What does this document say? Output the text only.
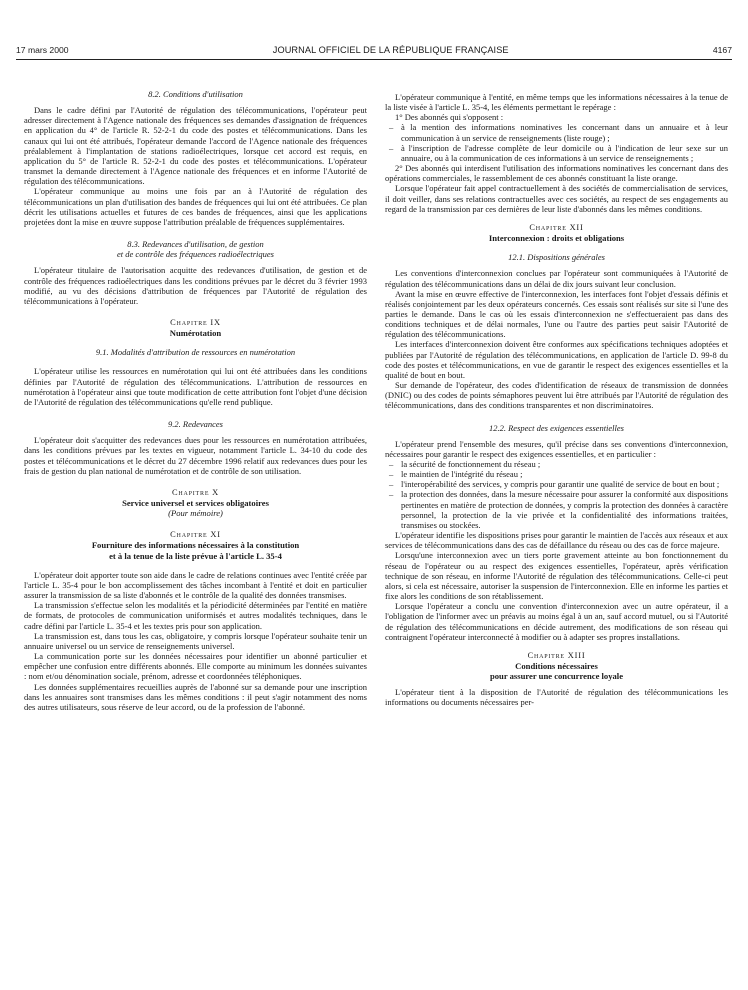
17 mars 2000	JOURNAL OFFICIEL DE LA RÉPUBLIQUE FRANÇAISE	4167
8.2. Conditions d'utilisation

Dans le cadre défini par l'Autorité de régulation des télécommunications, l'opérateur peut adresser directement à l'Agence nationale des fréquences ses demandes d'assignation de fréquences en application du 4° de l'article R. 52-2-1 du code des postes et télécommunications. Dans les canaux qui lui ont été attribués, l'opérateur demande l'accord de l'Agence nationale des fréquences préalablement à l'implantation de stations radioélectriques, lorsque cet accord est requis, en application du 5° de l'article R. 52-2-1 du code des postes et télécommunications. L'opérateur transmet la demande directement à l'Agence nationale des fréquences et en informe l'Autorité de régulation des télécommunications.

L'opérateur communique au moins une fois par an à l'Autorité de régulation des télécommunications un plan d'utilisation des bandes de fréquences qui lui ont été attribuées. Ce plan décrit les utilisations actuelles et futures de ces bandes de fréquences, ainsi que les applications projetées dont la mise en œuvre suppose l'attribution préalable de fréquences supplémentaires.

8.3. Redevances d'utilisation, de gestion
et de contrôle des fréquences radioélectriques

L'opérateur titulaire de l'autorisation acquitte des redevances d'utilisation, de gestion et de contrôle des fréquences radioélectriques dans les conditions prévues par le décret du 3 février 1993 modifié, au vu des décisions d'attribution de fréquences par l'Autorité de régulation des télécommunications à l'opérateur.

Chapitre IX
Numérotation
9.1. Modalités d'attribution de ressources en numérotation

L'opérateur utilise les ressources en numérotation qui lui ont été attribuées dans les conditions définies par l'Autorité de régulation des télécommunications. L'attribution de ressources en numérotation à l'opérateur ainsi que toute modification de cette attribution font l'objet d'une décision de l'Autorité de régulation des télécommunications qu'elle rend publique.

9.2. Redevances

L'opérateur doit s'acquitter des redevances dues pour les ressources en numérotation attribuées, dans les conditions prévues par les textes en vigueur, notamment l'article L. 34-10 du code des postes et télécommunications et le décret du 27 décembre 1996 relatif aux redevances dues pour les frais de gestion du plan national de numérotation et de contrôle de son utilisation.

Chapitre X
Service universel et services obligatoires
(Pour mémoire)
Chapitre XI
Fourniture des informations nécessaires à la constitution
et à la tenue de la liste prévue à l'article L. 35-4

L'opérateur doit apporter toute son aide dans le cadre de relations continues avec l'entité créée par l'article L. 35-4 pour le bon accomplissement des tâches incombant à l'entité et doit en particulier assurer la transmission de sa liste d'abonnés et le contrôle de la qualité des données transmises.

La transmission s'effectue selon les modalités et la périodicité déterminées par l'entité en matière de formats, de protocoles de communication uniformisés et autres modalités techniques, dans le cadre défini par l'article L. 35-4 et les textes pris pour son application.

La transmission est, dans tous les cas, obligatoire, y compris lorsque l'opérateur souhaite tenir un annuaire universel ou un service de renseignements universel.

La communication porte sur les données nécessaires pour identifier un abonné particulier et empêcher une confusion entre différents abonnés. Elle comporte au minimum les données suivantes : nom et/ou dénomination sociale, prénom, adresse et coordonnées téléphoniques.

Les données supplémentaires recueillies auprès de l'abonné sur sa demande pour une inscription dans les annuaires sont transmises dans les mêmes conditions : il peut s'agir notamment des noms des autres utilisateurs, sous réserve de leur accord, ou de la profession de l'abonné.

L'opérateur communique à l'entité, en même temps que les informations nécessaires à la tenue de la liste visée à l'article L. 35-4, les éléments permettant le repérage :

1° Des abonnés qui s'opposent :

– à la mention des informations nominatives les concernant dans un annuaire et à leur communication à un service de renseignements (liste rouge) ;
– à l'inscription de l'adresse complète de leur domicile ou à l'indication de leur sexe sur un annuaire, ou à la communication de ces informations à un service de renseignements ;

2° Des abonnés qui interdisent l'utilisation des informations nominatives les concernant dans des opérations commerciales, le rassemblement de ces abonnés constituant la liste orange.

Lorsque l'opérateur fait appel contractuellement à des sociétés de commercialisation de services, il doit veiller, dans ses relations contractuelles avec ces sociétés, au respect de ses engagements au regard de la transmission par ces dernières de leur liste d'abonnés dans les mêmes conditions.

Chapitre XII
Interconnexion : droits et obligations
12.1. Dispositions générales

Les conventions d'interconnexion conclues par l'opérateur sont communiquées à l'Autorité de régulation des télécommunications dans un délai de dix jours suivant leur conclusion.

Avant la mise en œuvre effective de l'interconnexion, les interfaces font l'objet d'essais définis et réalisés conjointement par les deux opérateurs concernés. Ces essais sont réalisés sur site si l'une des parties le demande. Dans le cas où les essais d'interconnexion ne s'effectueraient pas dans des conditions techniques et de délai normales, l'une ou l'autre des parties peut saisir l'Autorité de régulation des télécommunications.

Les interfaces d'interconnexion doivent être conformes aux spécifications techniques adoptées et publiées par l'Autorité de régulation des télécommunications, en application de l'article D. 99-8 du code des postes et télécommunications, en vue de garantir le respect des exigences essentielles et la qualité de bout en bout.

Sur demande de l'opérateur, des codes d'identification de réseaux de transmission de données (DNIC) ou des codes de points sémaphores peuvent lui être attribués par l'Autorité de régulation des télécommunications, dans des conditions transparentes et non discriminatoires.

12.2. Respect des exigences essentielles

L'opérateur prend l'ensemble des mesures, qu'il précise dans ses conventions d'interconnexion, nécessaires pour garantir le respect des exigences essentielles, et en particulier :

– la sécurité de fonctionnement du réseau ;
– le maintien de l'intégrité du réseau ;
– l'interopérabilité des services, y compris pour garantir une qualité de service de bout en bout ;
– la protection des données, dans la mesure nécessaire pour assurer la conformité aux dispositions pertinentes en matière de protection de données, y compris la protection des données à caractère personnel, la protection de la vie privée et la confidentialité des informations traitées, transmises ou stockées.

L'opérateur identifie les dispositions prises pour garantir le maintien de l'accès aux réseaux et aux services de télécommunications dans des cas de défaillance du réseau ou des cas de force majeure.

Lorsqu'une interconnexion avec un tiers porte gravement atteinte au bon fonctionnement du réseau de l'opérateur ou au respect des exigences essentielles, l'opérateur, après vérification technique de son réseau, en informe l'Autorité de régulation des télécommunications. Celle-ci peut alors, si cela est nécessaire, autoriser la suspension de l'interconnexion. Elle en informe les parties et fixe alors les conditions de son rétablissement.

Lorsque l'opérateur a conclu une convention d'interconnexion avec un autre opérateur, il a l'obligation de l'informer avec un préavis au moins égal à un an, sauf accord mutuel, ou si l'Autorité de régulation des télécommunications en décide autrement, des modifications de son réseau qui contraignent l'opérateur interconnecté à modifier ou à adapter ses propres installations.

Chapitre XIII
Conditions nécessaires
pour assurer une concurrence loyale

L'opérateur tient à la disposition de l'Autorité de régulation des télécommunications les informations ou documents nécessaires per-
